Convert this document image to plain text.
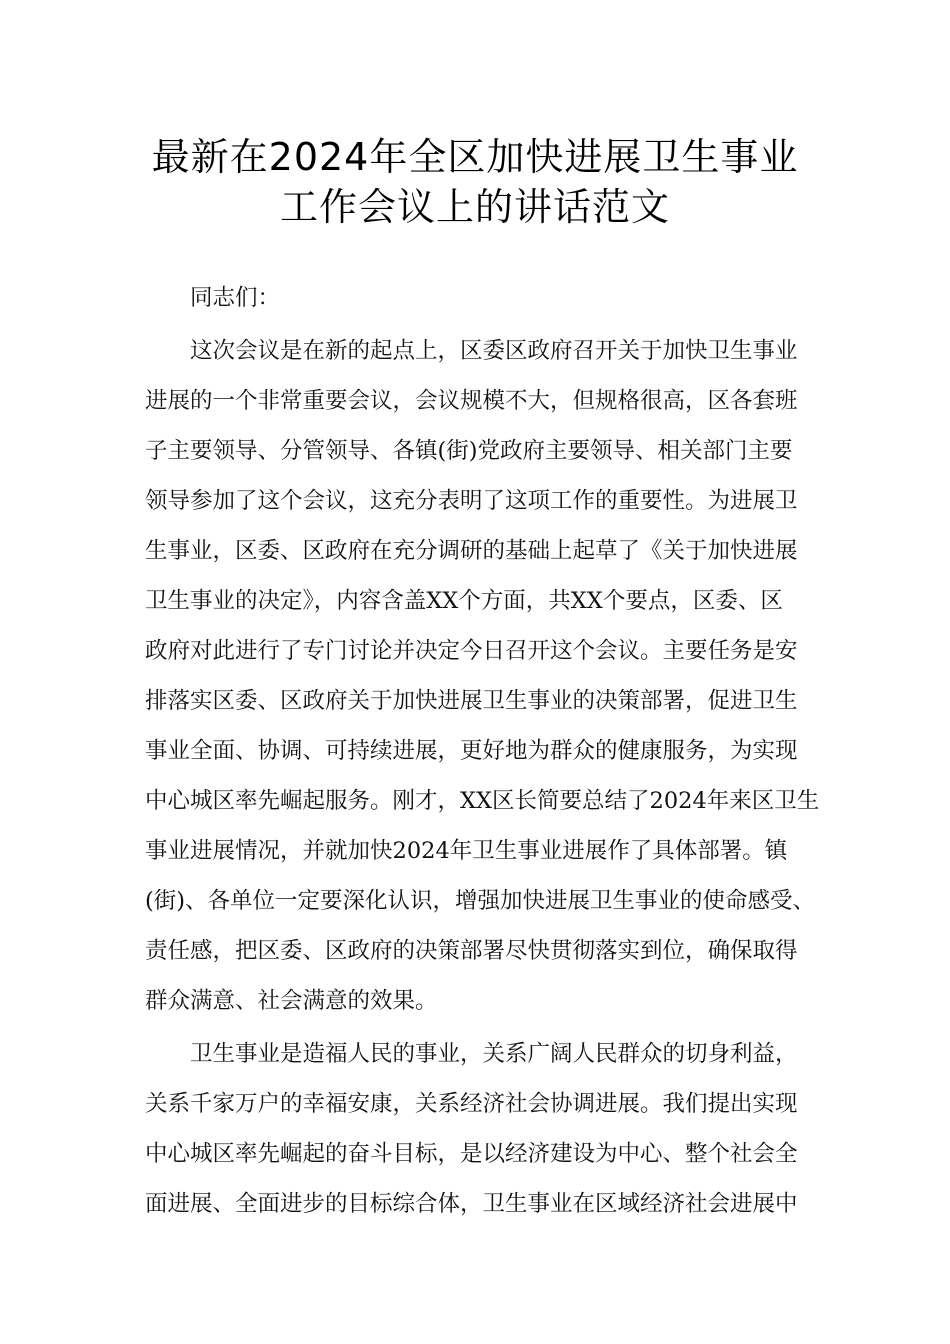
最新在2024年全区加快进展卫生事业
工作会议上的讲话范文
同志们：
这次会议是在新的起点上，区委区政府召开关于加快卫生事业
进展的一个非常重要会议，会议规模不大，但规格很高，区各套班
子主要领导、分管领导、各镇(街)党政府主要领导、相关部门主要
领导参加了这个会议，这充分表明了这项工作的重要性。为进展卫
生事业，区委、区政府在充分调研的基础上起草了《关于加快进展
卫生事业的决定》，内容含盖XX个方面，共XX个要点，区委、区
政府对此进行了专门讨论并决定今日召开这个会议。主要任务是安
排落实区委、区政府关于加快进展卫生事业的决策部署，促进卫生
事业全面、协调、可持续进展，更好地为群众的健康服务，为实现
中心城区率先崛起服务。刚才，XX区长简要总结了2024年来区卫生
事业进展情况，并就加快2024年卫生事业进展作了具体部署。镇
(街)、各单位一定要深化认识，增强加快进展卫生事业的使命感受、
责任感，把区委、区政府的决策部署尽快贯彻落实到位，确保取得
群众满意、社会满意的效果。
卫生事业是造福人民的事业，关系广阔人民群众的切身利益，
关系千家万户的幸福安康，关系经济社会协调进展。我们提出实现
中心城区率先崛起的奋斗目标，是以经济建设为中心、整个社会全
面进展、全面进步的目标综合体，卫生事业在区域经济社会进展中
